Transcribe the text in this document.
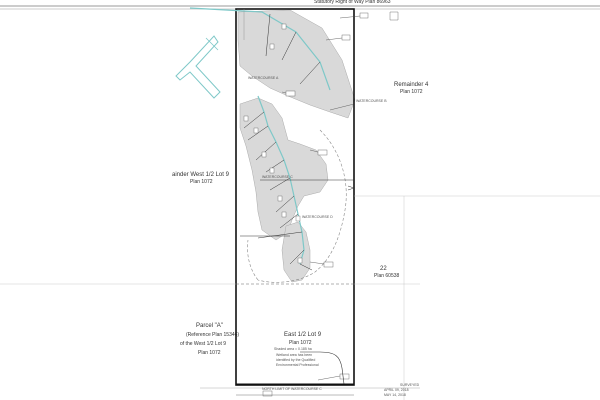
Statutory Right of Way Plan 86963
Remainder 4
Plan 1072
ainder West 1/2 Lot 9
Plan 1072
22
Plan 60538
Parcel "A"
(Reference Plan 15346)
of the West 1/2 Lot 9
Plan 1072
East 1/2 Lot 9
Plan 1072
Shaded area = 0.185 ha
Wetland area has been
identified by the Qualified
Environmental Professional
SURVEYED
APRIL 09, 2018
MAY 14, 2018
WATERCOURSE A
WATERCOURSE B
WATERCOURSE C
WATERCOURSE D
NORTH LIMIT OF WATERCOURSE C
